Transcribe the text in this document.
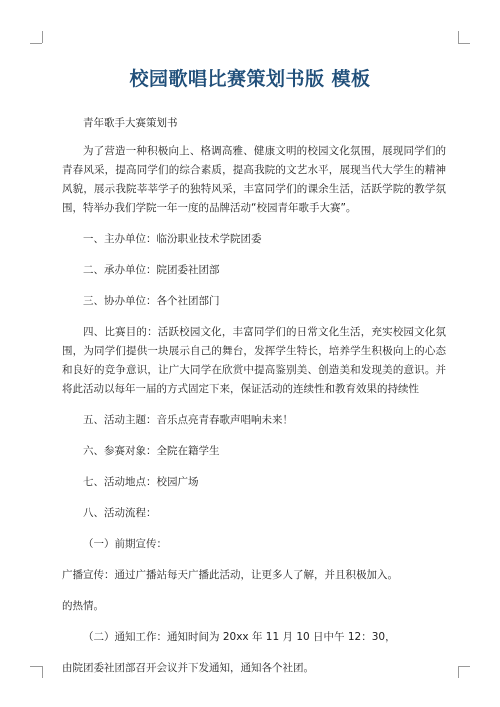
校园歌唱比赛策划书版 模板

青年歌手大赛策划书

为了营造一种积极向上、格调高雅、健康文明的校园文化氛围，展现同学们的青春风采，提高同学们的综合素质，提高我院的文艺水平，展现当代大学生的精神风貌，展示我院莘莘学子的独特风采，丰富同学们的课余生活，活跃学院的教学氛围，特举办我们学院一年一度的品牌活动“校园青年歌手大赛”。

一、主办单位：临汾职业技术学院团委

二、承办单位：院团委社团部

三、协办单位：各个社团部门

四、比赛目的：活跃校园文化，丰富同学们的日常文化生活，充实校园文化氛围，为同学们提供一块展示自己的舞台，发挥学生特长，培养学生积极向上的心态和良好的竞争意识，让广大同学在欣赏中提高鉴别美、创造美和发现美的意识。并将此活动以每年一届的方式固定下来，保证活动的连续性和教育效果的持续性

五、活动主题：音乐点亮青春歌声唱响未来！

六、参赛对象：全院在籍学生

七、活动地点：校园广场

八、活动流程：

（一）前期宣传：

广播宣传：通过广播站每天广播此活动，让更多人了解，并且积极加入。

的热情。

（二）通知工作：通知时间为 20xx 年 11 月 10 日中午 12：30，

由院团委社团部召开会议并下发通知，通知各个社团。
